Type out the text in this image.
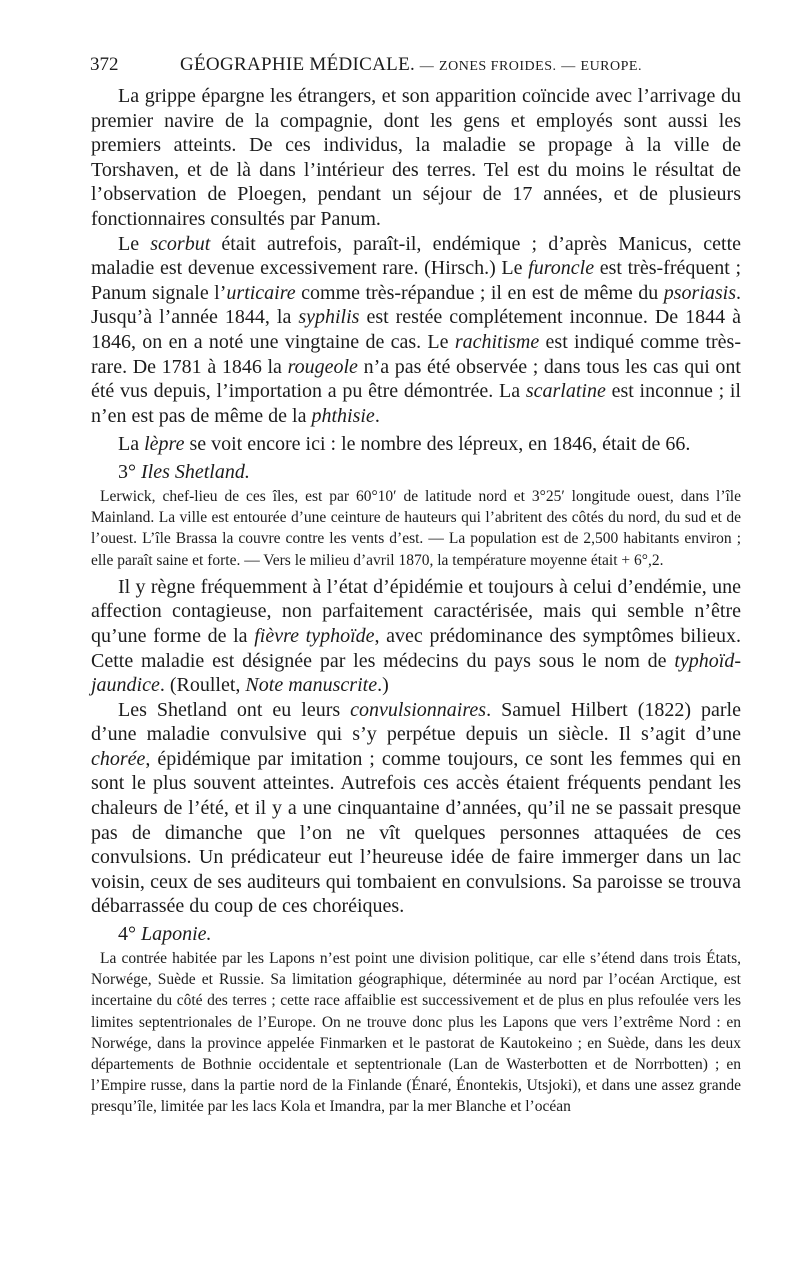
372	GÉOGRAPHIE MÉDICALE. — ZONES FROIDES. — EUROPE.

La grippe épargne les étrangers, et son apparition coïncide avec l’arrivage du premier navire de la compagnie, dont les gens et employés sont aussi les premiers atteints. De ces individus, la maladie se propage à la ville de Torshaven, et de là dans l’intérieur des terres. Tel est du moins le résultat de l’observation de Ploegen, pendant un séjour de 17 années, et de plusieurs fonctionnaires consultés par Panum.

Le scorbut était autrefois, paraît-il, endémique ; d’après Manicus, cette maladie est devenue excessivement rare. (Hirsch.) Le furoncle est très-fréquent ; Panum signale l’urticaire comme très-répandue ; il en est de même du psoriasis. Jusqu’à l’année 1844, la syphilis est restée complétement inconnue. De 1844 à 1846, on en a noté une vingtaine de cas. Le rachitisme est indiqué comme très-rare. De 1781 à 1846 la rougeole n’a pas été observée ; dans tous les cas qui ont été vus depuis, l’importation a pu être démontrée. La scarlatine est inconnue ; il n’en est pas de même de la phthisie.

La lèpre se voit encore ici : le nombre des lépreux, en 1846, était de 66.

3° Iles Shetland.

Lerwick, chef-lieu de ces îles, est par 60°10′ de latitude nord et 3°25′ longitude ouest, dans l’île Mainland. La ville est entourée d’une ceinture de hauteurs qui l’abritent des côtés du nord, du sud et de l’ouest. L’île Brassa la couvre contre les vents d’est. — La population est de 2,500 habitants environ ; elle paraît saine et forte. — Vers le milieu d’avril 1870, la température moyenne était + 6°,2.

Il y règne fréquemment à l’état d’épidémie et toujours à celui d’endémie, une affection contagieuse, non parfaitement caractérisée, mais qui semble n’être qu’une forme de la fièvre typhoïde, avec prédominance des symptômes bilieux. Cette maladie est désignée par les médecins du pays sous le nom de typhoïd-jaundice. (Roullet, Note manuscrite.)

Les Shetland ont eu leurs convulsionnaires. Samuel Hilbert (1822) parle d’une maladie convulsive qui s’y perpétue depuis un siècle. Il s’agit d’une chorée, épidémique par imitation ; comme toujours, ce sont les femmes qui en sont le plus souvent atteintes. Autrefois ces accès étaient fréquents pendant les chaleurs de l’été, et il y a une cinquantaine d’années, qu’il ne se passait presque pas de dimanche que l’on ne vît quelques personnes attaquées de ces convulsions. Un prédicateur eut l’heureuse idée de faire immerger dans un lac voisin, ceux de ses auditeurs qui tombaient en convulsions. Sa paroisse se trouva débarrassée du coup de ces choréiques.

4° Laponie.

La contrée habitée par les Lapons n’est point une division politique, car elle s’étend dans trois États, Norwége, Suède et Russie. Sa limitation géographique, déterminée au nord par l’océan Arctique, est incertaine du côté des terres ; cette race affaiblie est successivement et de plus en plus refoulée vers les limites septentrionales de l’Europe. On ne trouve donc plus les Lapons que vers l’extrême Nord : en Norwége, dans la province appelée Finmarken et le pastorat de Kautokeino ; en Suède, dans les deux départements de Bothnie occidentale et septentrionale (Lan de Wasterbotten et de Norrbotten) ; en l’Empire russe, dans la partie nord de la Finlande (Énaré, Énontekis, Utsjoki), et dans une assez grande presqu’île, limitée par les lacs Kola et Imandra, par la mer Blanche et l’océan
